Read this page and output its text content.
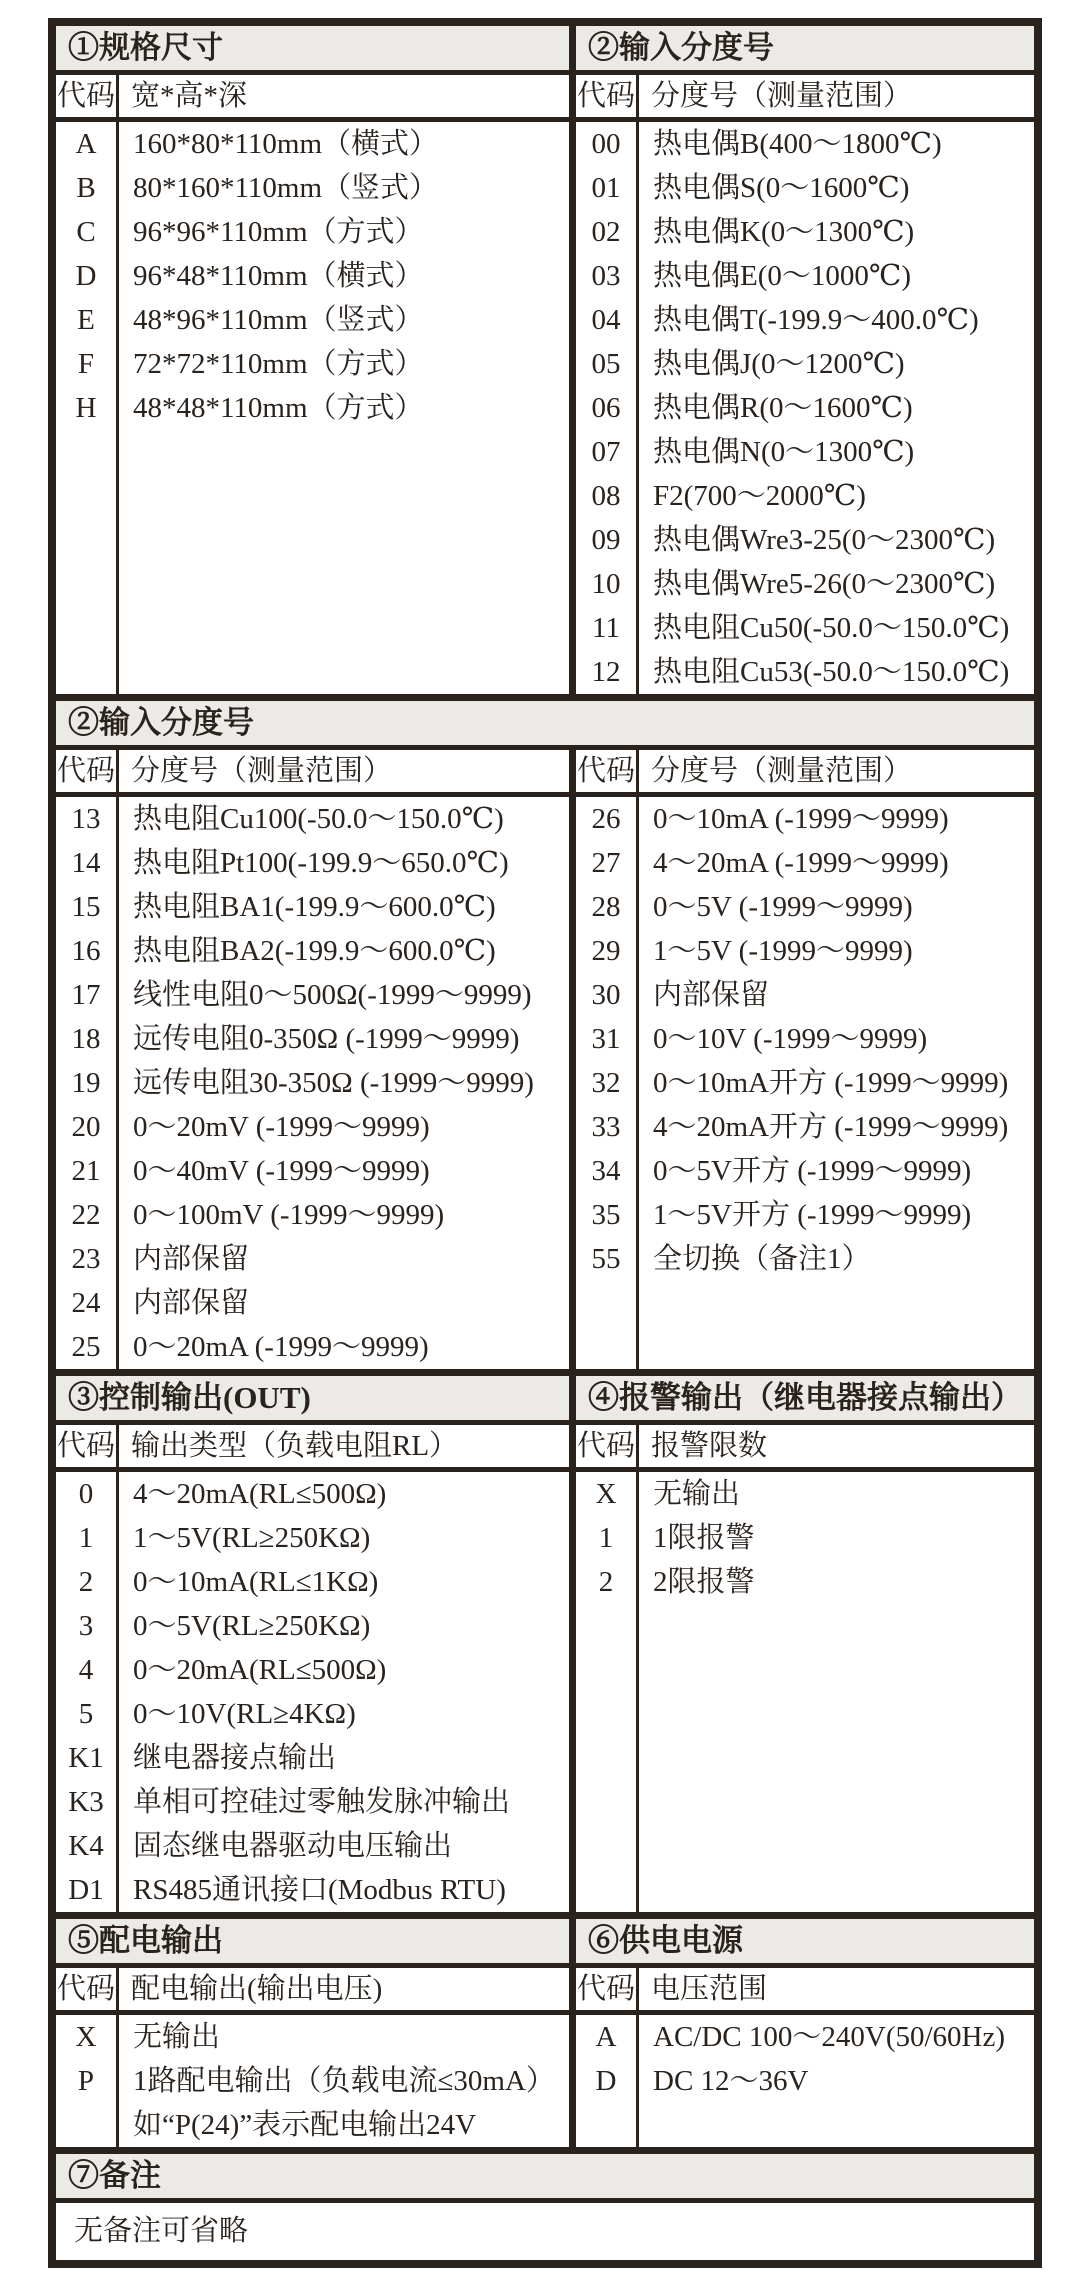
①规格尺寸
代码 宽*高*深
A	160*80*110mm（横式）
B	80*160*110mm（竖式）
C	96*96*110mm（方式）
D	96*48*110mm（横式）
E	48*96*110mm（竖式）
F	72*72*110mm（方式）
H	48*48*110mm（方式）
②输入分度号
代码 分度号（测量范围）
00	热电偶B(400～1800℃)
01	热电偶S(0～1600℃)
02	热电偶K(0～1300℃)
03	热电偶E(0～1000℃)
04	热电偶T(-199.9～400.0℃)
05	热电偶J(0～1200℃)
06	热电偶R(0～1600℃)
07	热电偶N(0～1300℃)
08	F2(700～2000℃)
09	热电偶Wre3-25(0～2300℃)
10	热电偶Wre5-26(0～2300℃)
11	热电阻Cu50(-50.0～150.0℃)
12	热电阻Cu53(-50.0～150.0℃)
②输入分度号
代码 分度号（测量范围）
13	热电阻Cu100(-50.0～150.0℃)
14	热电阻Pt100(-199.9～650.0℃)
15	热电阻BA1(-199.9～600.0℃)
16	热电阻BA2(-199.9～600.0℃)
17	线性电阻0～500Ω(-1999～9999)
18	远传电阻0-350Ω (-1999～9999)
19	远传电阻30-350Ω (-1999～9999)
20	0～20mV (-1999～9999)
21	0～40mV (-1999～9999)
22	0～100mV (-1999～9999)
23	内部保留
24	内部保留
25	0～20mA (-1999～9999)
代码 分度号（测量范围）
26	0～10mA (-1999～9999)
27	4～20mA (-1999～9999)
28	0～5V (-1999～9999)
29	1～5V (-1999～9999)
30	内部保留
31	0～10V (-1999～9999)
32	0～10mA开方 (-1999～9999)
33	4～20mA开方 (-1999～9999)
34	0～5V开方 (-1999～9999)
35	1～5V开方 (-1999～9999)
55	全切换（备注1）
③控制输出(OUT)
代码 输出类型（负载电阻RL）
0	4～20mA(RL≤500Ω)
1	1～5V(RL≥250KΩ)
2	0～10mA(RL≤1KΩ)
3	0～5V(RL≥250KΩ)
4	0～20mA(RL≤500Ω)
5	0～10V(RL≥4KΩ)
K1	继电器接点输出
K3	单相可控硅过零触发脉冲输出
K4	固态继电器驱动电压输出
D1	RS485通讯接口(Modbus RTU)
④报警输出（继电器接点输出）
代码 报警限数
X	无输出
1	1限报警
2	2限报警
⑤配电输出
代码 配电输出(输出电压)
X	无输出
P	1路配电输出（负载电流≤30mA）
如“P(24)”表示配电输出24V
⑥供电电源
代码 电压范围
A	AC/DC 100～240V(50/60Hz)
D	DC 12～36V
⑦备注
无备注可省略
